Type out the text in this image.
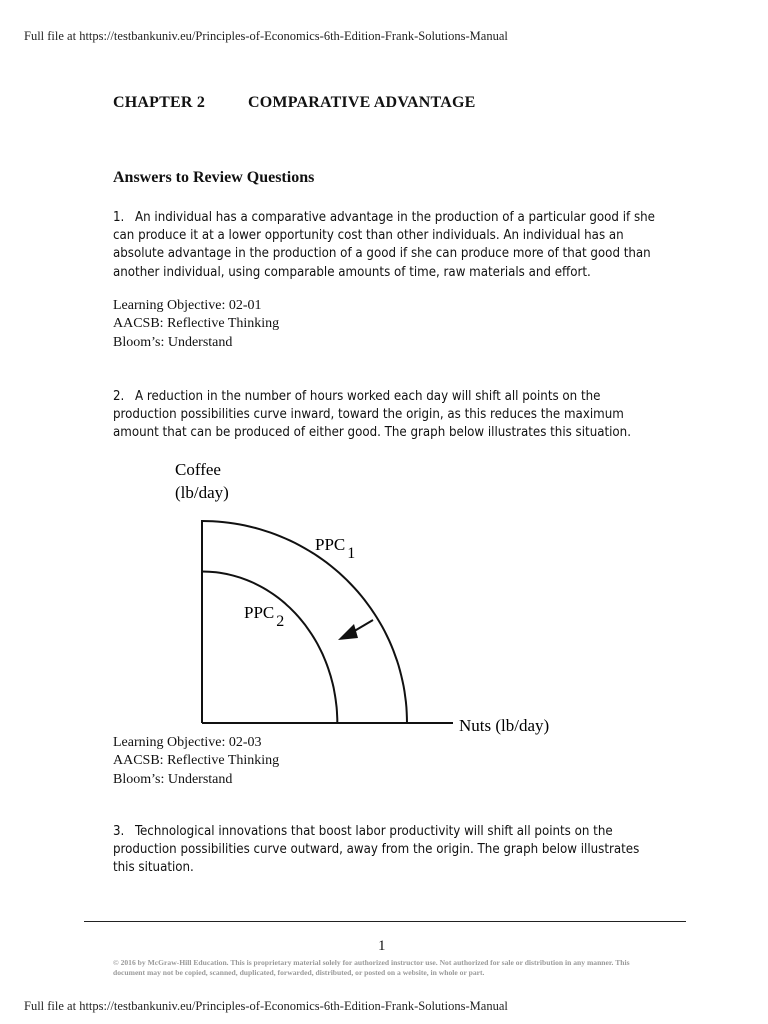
Full file at https://testbankuniv.eu/Principles-of-Economics-6th-Edition-Frank-Solutions-Manual
CHAPTER 2	COMPARATIVE ADVANTAGE
Answers to Review Questions

1. An individual has a comparative advantage in the production of a particular good if she can produce it at a lower opportunity cost than other individuals. An individual has an absolute advantage in the production of a good if she can produce more of that good than another individual, using comparable amounts of time, raw materials and effort.

Learning Objective: 02-01
AACSB: Reflective Thinking
Bloom’s: Understand

2. A reduction in the number of hours worked each day will shift all points on the production possibilities curve inward, toward the origin, as this reduces the maximum amount that can be produced of either good. The graph below illustrates this situation.

Coffee
(lb/day)
Nuts (lb/day)
PPC 1
PPC 2
Learning Objective: 02-03
AACSB: Reflective Thinking
Bloom’s: Understand

3. Technological innovations that boost labor productivity will shift all points on the production possibilities curve outward, away from the origin. The graph below illustrates this situation.

1

© 2016 by McGraw-Hill Education. This is proprietary material solely for authorized instructor use. Not authorized for sale or distribution in any manner. This document may not be copied, scanned, duplicated, forwarded, distributed, or posted on a website, in whole or part.

Full file at https://testbankuniv.eu/Principles-of-Economics-6th-Edition-Frank-Solutions-Manual
